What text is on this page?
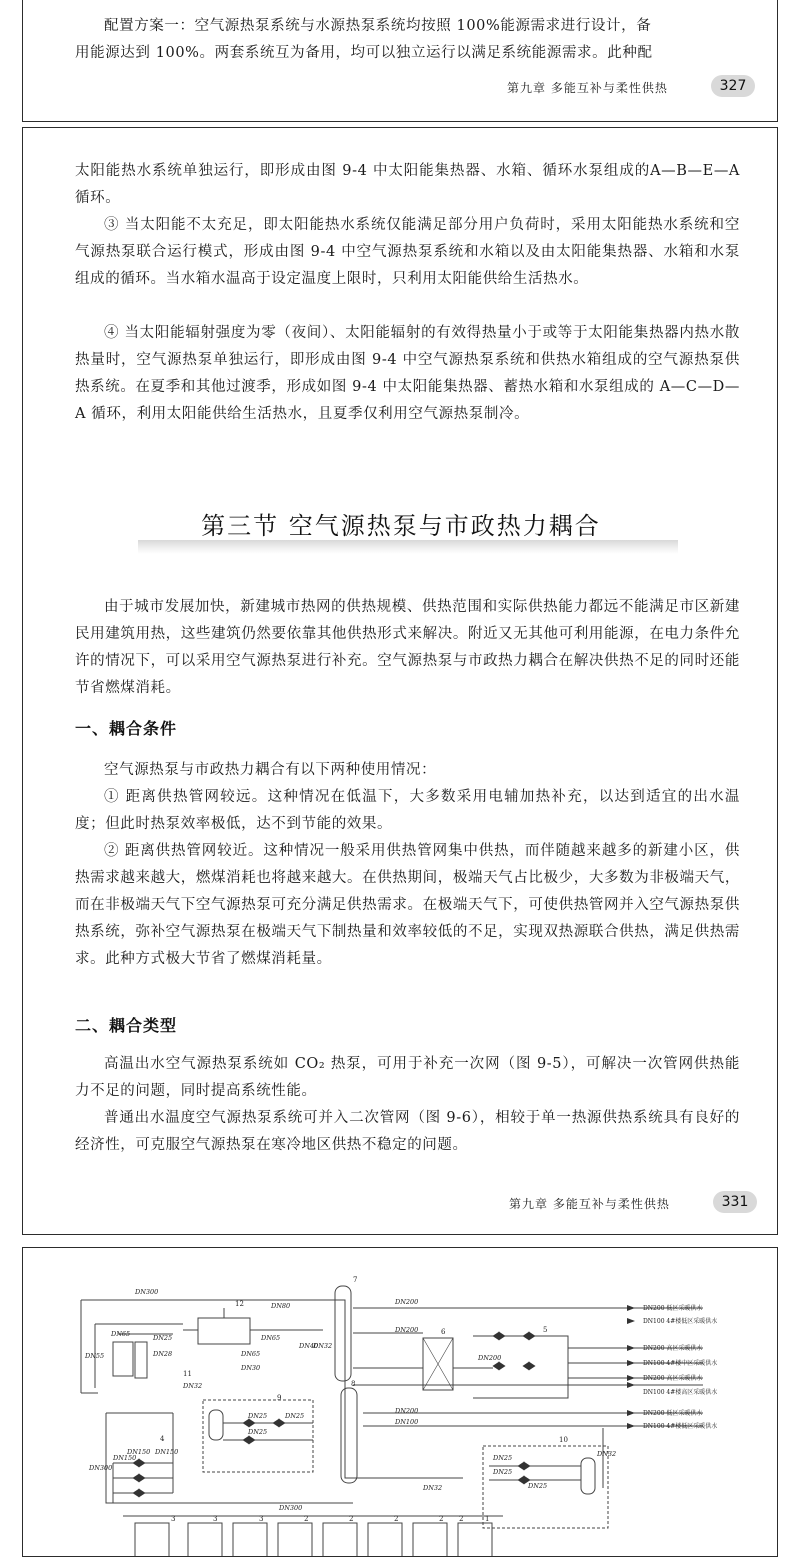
配置方案一：空气源热泵系统与水源热泵系统均按照 100%能源需求进行设计，备

用能源达到 100%。两套系统互为备用，均可以独立运行以满足系统能源需求。此种配

第九章 多能互补与柔性供热	327

太阳能热水系统单独运行，即形成由图 9-4 中太阳能集热器、水箱、循环水泵组成的A—B—E—A 循环。

③ 当太阳能不太充足，即太阳能热水系统仅能满足部分用户负荷时，采用太阳能热水系统和空气源热泵联合运行模式，形成由图 9-4 中空气源热泵系统和水箱以及由太阳能集热器、水箱和水泵组成的循环。当水箱水温高于设定温度上限时，只利用太阳能供给生活热水。

④ 当太阳能辐射强度为零（夜间）、太阳能辐射的有效得热量小于或等于太阳能集热器内热水散热量时，空气源热泵单独运行，即形成由图 9-4 中空气源热泵系统和供热水箱组成的空气源热泵供热系统。在夏季和其他过渡季，形成如图 9-4 中太阳能集热器、蓄热水箱和水泵组成的 A—C—D—A 循环，利用太阳能供给生活热水，且夏季仅利用空气源热泵制冷。

第三节 空气源热泵与市政热力耦合

由于城市发展加快，新建城市热网的供热规模、供热范围和实际供热能力都远不能满足市区新建民用建筑用热，这些建筑仍然要依靠其他供热形式来解决。附近又无其他可利用能源，在电力条件允许的情况下，可以采用空气源热泵进行补充。空气源热泵与市政热力耦合在解决供热不足的同时还能节省燃煤消耗。

一、耦合条件

空气源热泵与市政热力耦合有以下两种使用情况：

① 距离供热管网较远。这种情况在低温下，大多数采用电辅加热补充，以达到适宜的出水温度；但此时热泵效率极低，达不到节能的效果。

② 距离供热管网较近。这种情况一般采用供热管网集中供热，而伴随越来越多的新建小区，供热需求越来越大，燃煤消耗也将越来越大。在供热期间，极端天气占比极少，大多数为非极端天气，而在非极端天气下空气源热泵可充分满足供热需求。在极端天气下，可使供热管网并入空气源热泵供热系统，弥补空气源热泵在极端天气下制热量和效率较低的不足，实现双热源联合供热，满足供热需求。此种方式极大节省了燃煤消耗量。

二、耦合类型

高温出水空气源热泵系统如 CO₂ 热泵，可用于补充一次网（图 9-5），可解决一次管网供热能力不足的问题，同时提高系统性能。

普通出水温度空气源热泵系统可并入二次管网（图 9-6），相较于单一热源供热系统具有良好的经济性，可克服空气源热泵在寒冷地区供热不稳定的问题。

第九章 多能互补与柔性供热	331
DN300
DN200
DN200
DN200
DN200
DN100
DN150
DN80
DN65	DN65
DN65
DN25
DN28
DN32
DN40
DN32
DN30
DN55
DN25	DN25
DN25
DN150 DN150
DN300
DN300
DN32
DN25
DN25
DN25
DN32
DN200 低区采暖供水
DN100 4#楼低区采暖供水
DN200 高区采暖供水
DN100 4#楼中区采暖供水
DN200 高区采暖供水
DN100 4#楼高区采暖供水
DN200 低区采暖供水
DN100 4#楼低区采暖供水
7
12
6	5
8
11
9
4	10
3	3	3	2	2	2	2 2	1
